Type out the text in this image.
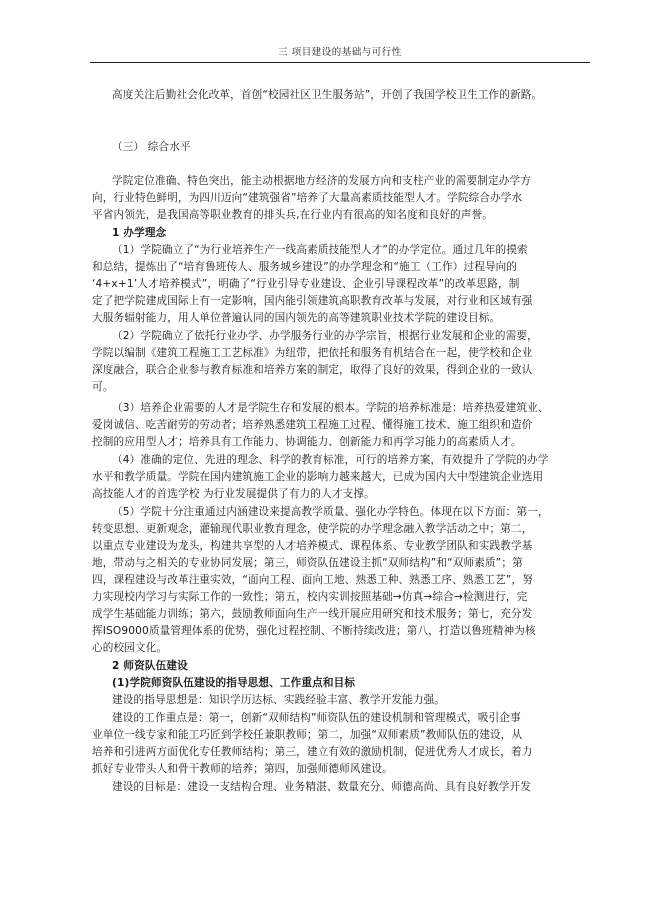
三 项目建设的基础与可行性
高度关注后勤社会化改革，首创“校园社区卫生服务站”，开创了我国学校卫生工作的新路。
（三） 综合水平
学院定位准确、特色突出，能主动根据地方经济的发展方向和支柱产业的需要制定办学方
向，行业特色鲜明，为四川迈向“建筑强省”培养了大量高素质技能型人才。学院综合办学水
平省内领先，是我国高等职业教育的排头兵,在行业内有很高的知名度和良好的声誉。
1 办学理念
（1）学院确立了“为行业培养生产一线高素质技能型人才”的办学定位。通过几年的摸索
和总结，提炼出了“培育鲁班传人、服务城乡建设”的办学理念和“施工（工作）过程导向的
‘4+x+1’人才培养模式”，明确了“行业引导专业建设、企业引导课程改革”的改革思路，制
定了把学院建成国际上有一定影响，国内能引领建筑高职教育改革与发展，对行业和区域有强
大服务辐射能力，用人单位普遍认同的国内领先的高等建筑职业技术学院的建设目标。
（2）学院确立了依托行业办学、办学服务行业的办学宗旨，根据行业发展和企业的需要，
学院以编制《建筑工程施工工艺标准》为纽带，把依托和服务有机结合在一起，使学校和企业
深度融合，联合企业参与教育标准和培养方案的制定，取得了良好的效果，得到企业的一致认
可。
（3）培养企业需要的人才是学院生存和发展的根本。学院的培养标准是：培养热爱建筑业、
爱岗诚信、吃苦耐劳的劳动者；培养熟悉建筑工程施工过程、懂得施工技术、施工组织和造价
控制的应用型人才；培养具有工作能力、协调能力、创新能力和再学习能力的高素质人才。
（4）准确的定位、先进的理念、科学的教育标准，可行的培养方案，有效提升了学院的办学
水平和教学质量。学院在国内建筑施工企业的影响力越来越大，已成为国内大中型建筑企业选用
高技能人才的首选学校 为行业发展提供了有力的人才支撑。
（5）学院十分注重通过内涵建设来提高教学质量、强化办学特色。体现在以下方面：第一，
转变思想、更新观念，灌输现代职业教育理念，使学院的办学理念融入教学活动之中；第二，
以重点专业建设为龙头，构建共享型的人才培养模式、课程体系、专业教学团队和实践教学基
地，带动与之相关的专业协同发展；第三，师资队伍建设主抓“双师结构”和“双师素质”；第
四，课程建设与改革注重实效，“面向工程、面向工地、熟悉工种、熟悉工序、熟悉工艺”，努
力实现校内学习与实际工作的一致性；第五，校内实训按照基础→仿真→综合→检测进行，完
成学生基础能力训练；第六，鼓励教师面向生产一线开展应用研究和技术服务；第七，充分发
挥ISO9000质量管理体系的优势，强化过程控制、不断持续改进；第八，打造以鲁班精神为核
心的校园文化。
2 师资队伍建设
(1)学院师资队伍建设的指导思想、工作重点和目标
建设的指导思想是：知识学历达标、实践经验丰富、教学开发能力强。
建设的工作重点是：第一，创新“双师结构”师资队伍的建设机制和管理模式，吸引企事
业单位一线专家和能工巧匠到学校任兼职教师；第二，加强“双师素质”教师队伍的建设，从
培养和引进两方面优化专任教师结构；第三，建立有效的激励机制，促进优秀人才成长，着力
抓好专业带头人和骨干教师的培养；第四，加强师德师风建设。
建设的目标是：建设一支结构合理、业务精湛、数量充分、师德高尚、具有良好教学开发
